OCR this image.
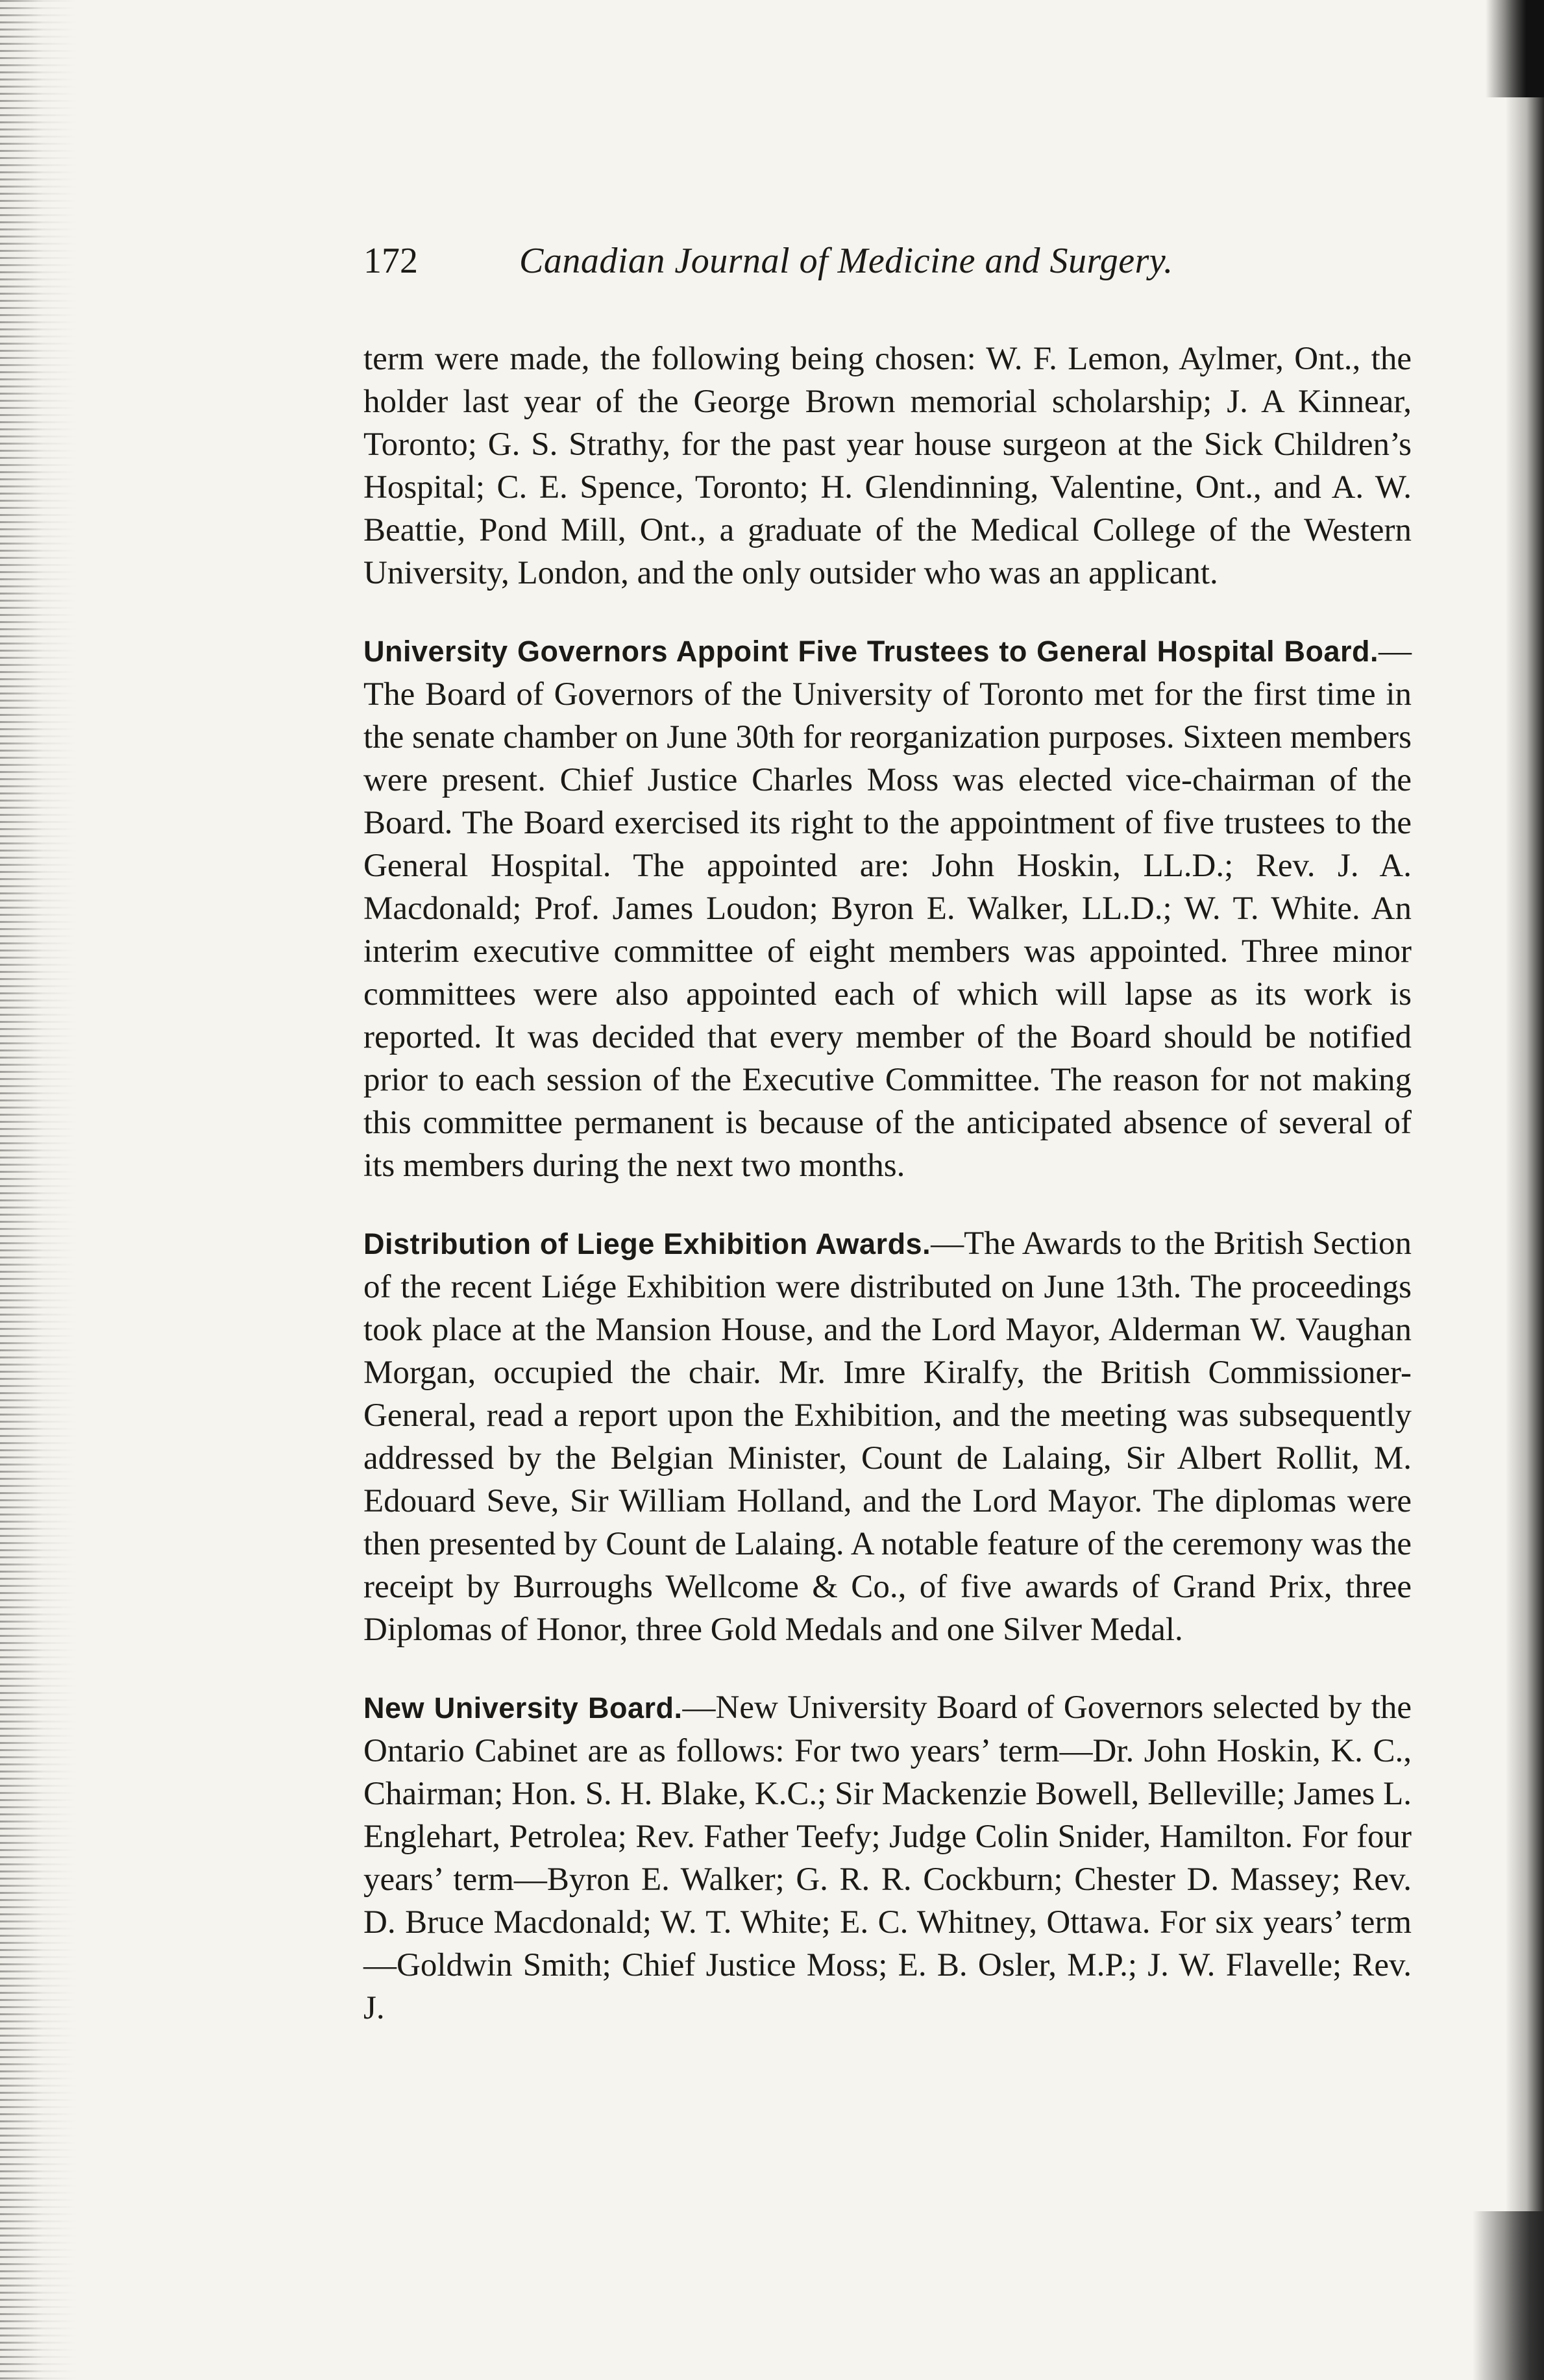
172	Canadian Journal of Medicine and Surgery.

term were made, the following being chosen: W. F. Lemon, Aylmer, Ont., the holder last year of the George Brown memorial scholarship; J. A Kinnear, Toronto; G. S. Strathy, for the past year house surgeon at the Sick Children’s Hospital; C. E. Spence, Toronto; H. Glendinning, Valentine, Ont., and A. W. Beattie, Pond Mill, Ont., a graduate of the Medical College of the Western University, London, and the only outsider who was an applicant.

University Governors Appoint Five Trustees to General Hospital Board.—The Board of Governors of the University of Toronto met for the first time in the senate chamber on June 30th for reorganization purposes. Sixteen members were present. Chief Justice Charles Moss was elected vice-chairman of the Board. The Board exercised its right to the appointment of five trustees to the General Hospital. The appointed are: John Hoskin, LL.D.; Rev. J. A. Macdonald; Prof. James Loudon; Byron E. Walker, LL.D.; W. T. White. An interim executive committee of eight members was appointed. Three minor committees were also appointed each of which will lapse as its work is reported. It was decided that every member of the Board should be notified prior to each session of the Executive Committee. The reason for not making this committee permanent is because of the anticipated absence of several of its members during the next two months.

Distribution of Liege Exhibition Awards.—The Awards to the British Section of the recent Liége Exhibition were distributed on June 13th. The proceedings took place at the Mansion House, and the Lord Mayor, Alderman W. Vaughan Morgan, occupied the chair. Mr. Imre Kiralfy, the British Commissioner-General, read a report upon the Exhibition, and the meeting was subsequently addressed by the Belgian Minister, Count de Lalaing, Sir Albert Rollit, M. Edouard Seve, Sir William Holland, and the Lord Mayor. The diplomas were then presented by Count de Lalaing. A notable feature of the ceremony was the receipt by Burroughs Wellcome & Co., of five awards of Grand Prix, three Diplomas of Honor, three Gold Medals and one Silver Medal.

New University Board.—New University Board of Governors selected by the Ontario Cabinet are as follows: For two years’ term—Dr. John Hoskin, K. C., Chairman; Hon. S. H. Blake, K.C.; Sir Mackenzie Bowell, Belleville; James L. Englehart, Petrolea; Rev. Father Teefy; Judge Colin Snider, Hamilton. For four years’ term—Byron E. Walker; G. R. R. Cockburn; Chester D. Massey; Rev. D. Bruce Macdonald; W. T. White; E. C. Whitney, Ottawa. For six years’ term—Goldwin Smith; Chief Justice Moss; E. B. Osler, M.P.; J. W. Flavelle; Rev. J.
